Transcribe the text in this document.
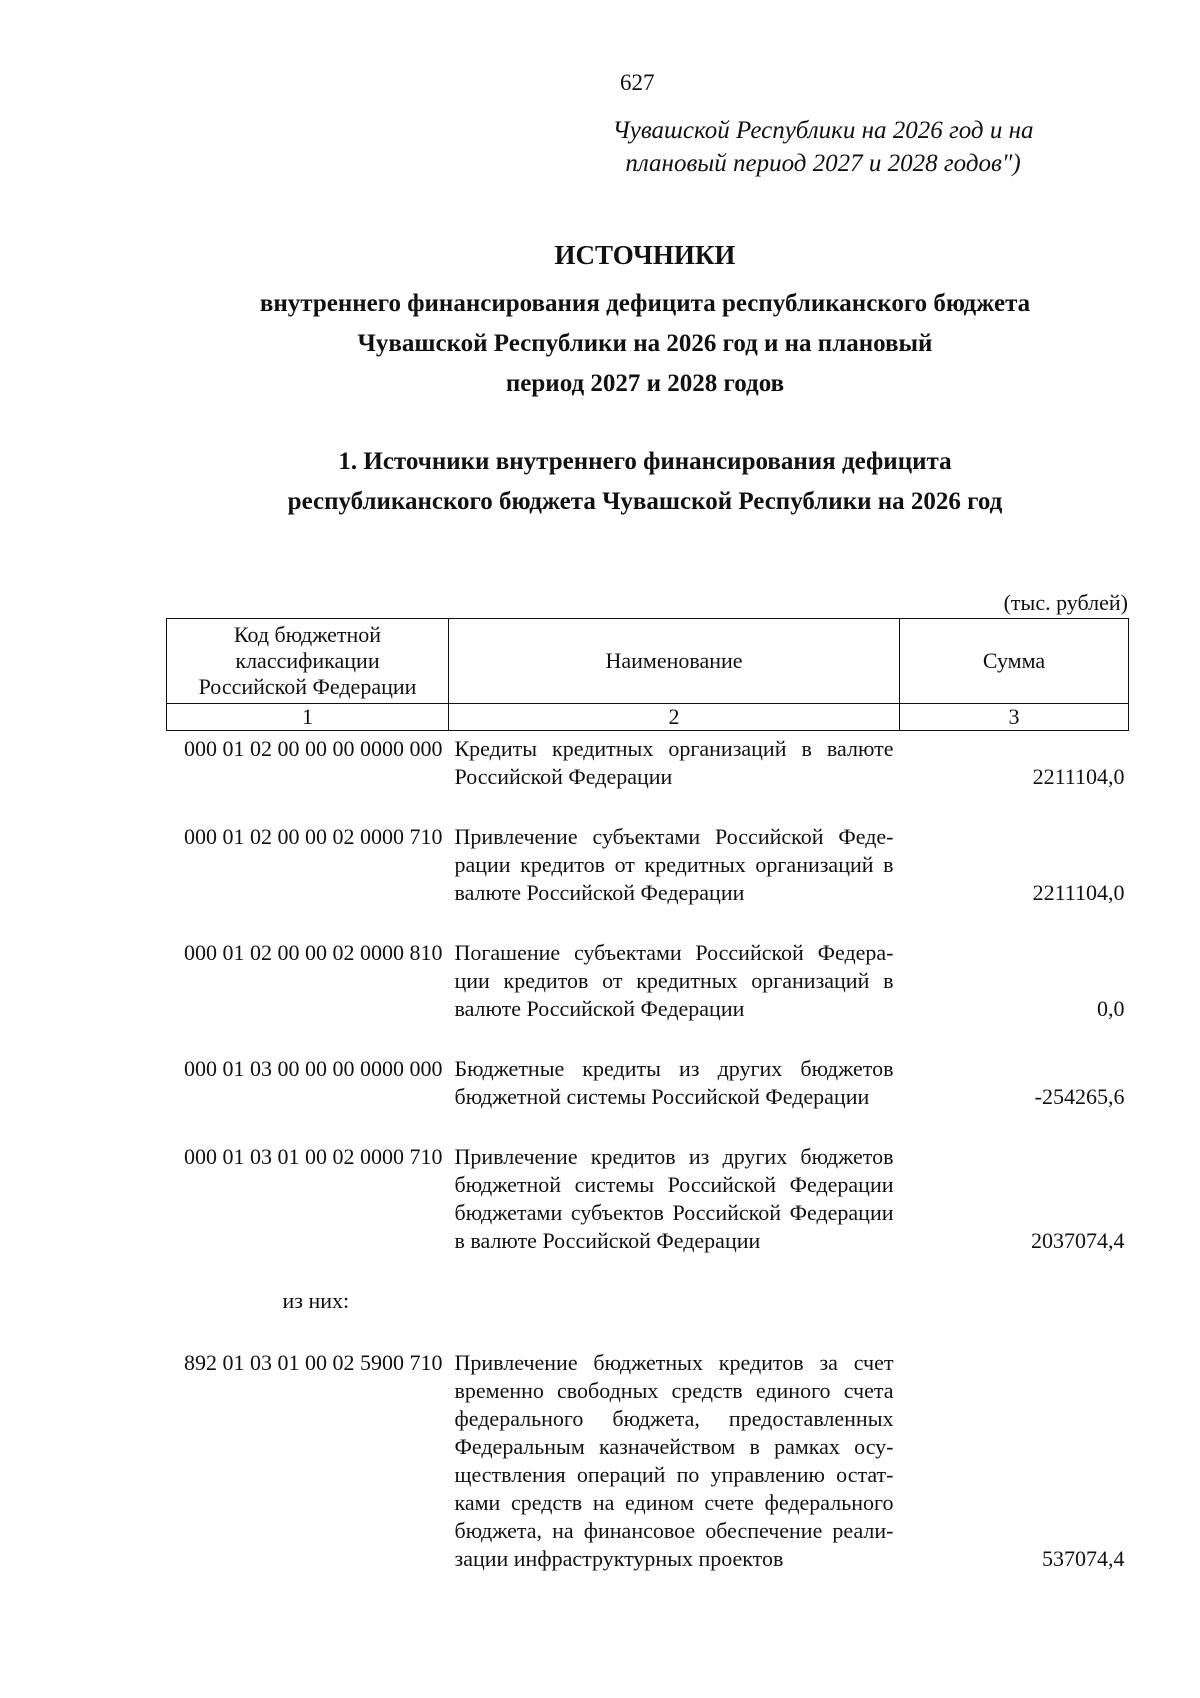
627
Чувашской Республики на 2026 год и на
плановый период 2027 и 2028 годов")
ИСТОЧНИКИ
внутреннего финансирования дефицита республиканского бюджета
Чувашской Республики на 2026 год и на плановый
период 2027 и 2028 годов
1. Источники внутреннего финансирования дефицита
республиканского бюджета Чувашской Республики на 2026 год
(тыс. рублей)
Код бюджетной классификации Российской Федерации	Наименование	Сумма
1	2	3
000 01 02 00 00 00 0000 000	Кредиты кредитных организаций в валюте Российской Федерации	2211104,0
000 01 02 00 00 02 0000 710	Привлечение субъектами Российской Федерации кредитов от кредитных организаций в валюте Российской Федерации	2211104,0
000 01 02 00 00 02 0000 810	Погашение субъектами Российской Федерации кредитов от кредитных организаций в валюте Российской Федерации	0,0
000 01 03 00 00 00 0000 000	Бюджетные кредиты из других бюджетов бюджетной системы Российской Федерации	-254265,6
000 01 03 01 00 02 0000 710	Привлечение кредитов из других бюджетов бюджетной системы Российской Федерации бюджетами субъектов Российской Федерации в валюте Российской Федерации	2037074,4
из них:		
892 01 03 01 00 02 5900 710	Привлечение бюджетных кредитов за счет временно свободных средств единого счета федерального бюджета, предоставленных Федеральным казначейством в рамках осуществления операций по управлению остатками средств на едином счете федерального бюджета, на финансовое обеспечение реализации инфраструктурных проектов	537074,4
